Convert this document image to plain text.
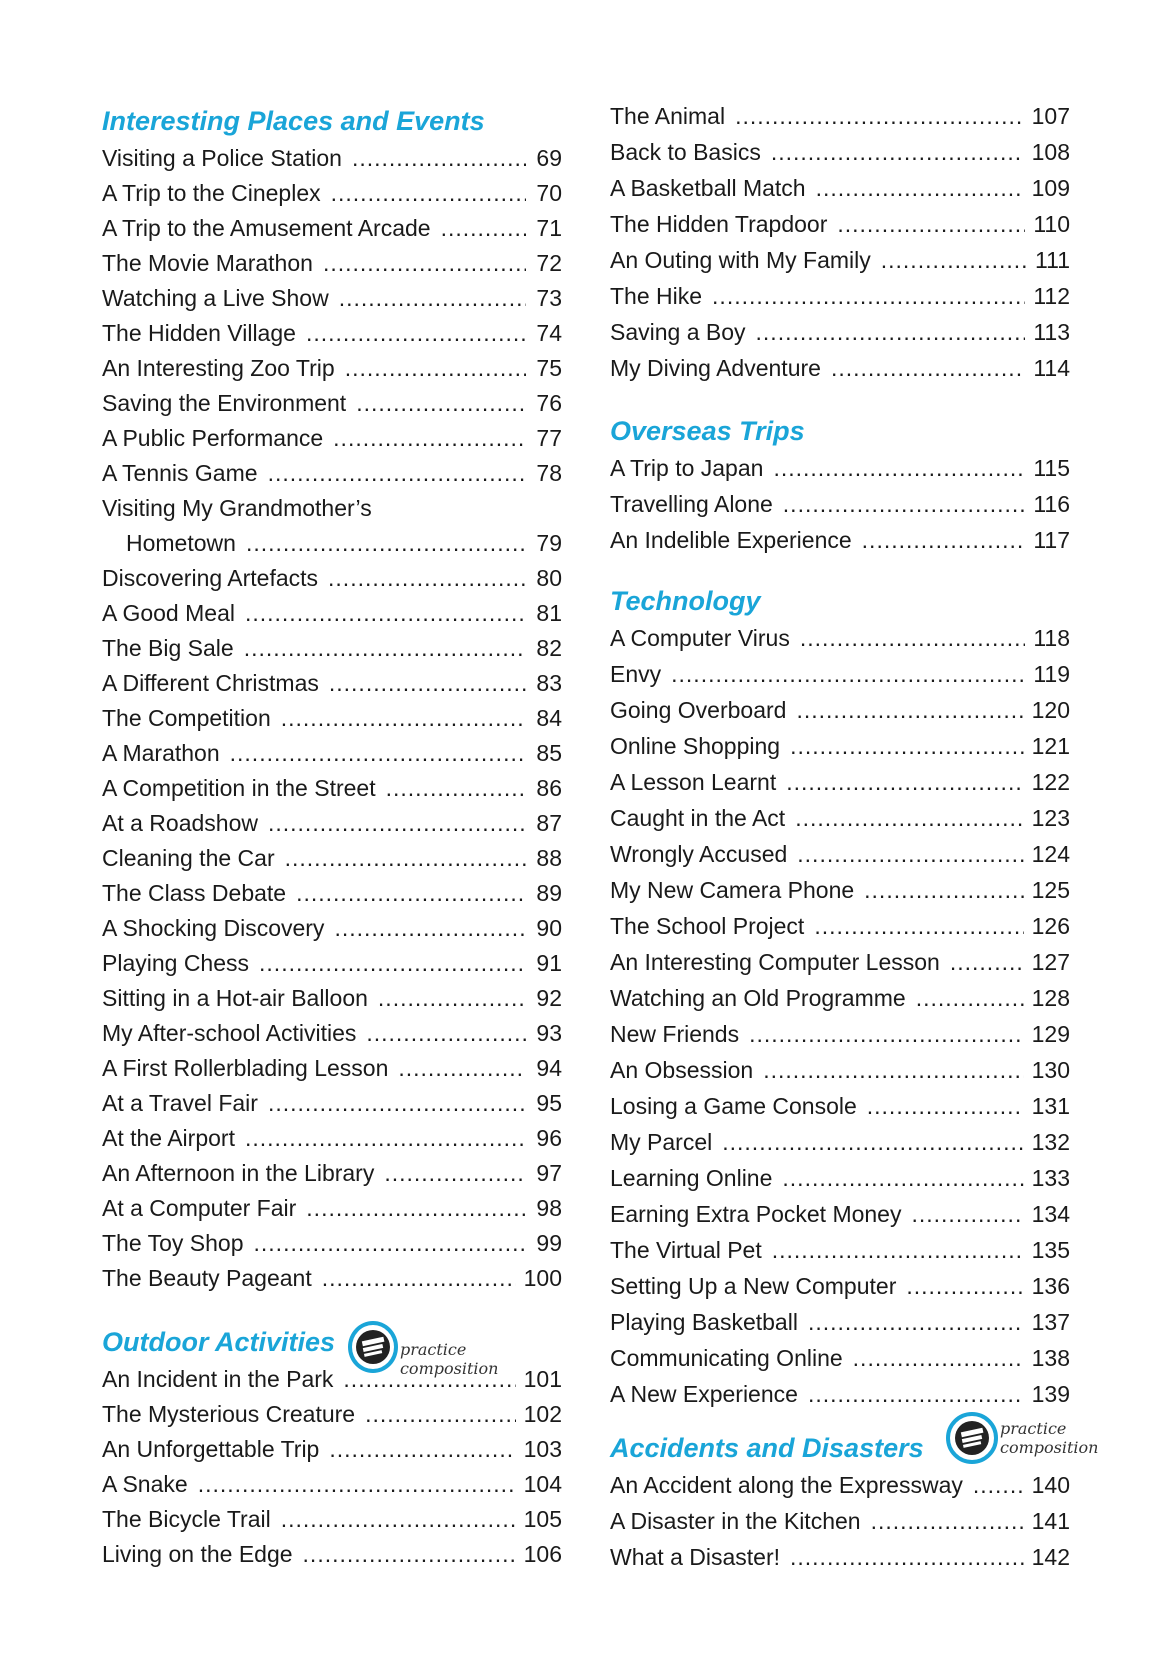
Interesting Places and Events
Visiting a Police Station .....	69
A Trip to the Cineplex .....	70
A Trip to the Amusement Arcade .....	71
The Movie Marathon .....	72
Watching a Live Show .....	73
The Hidden Village .....	74
An Interesting Zoo Trip .....	75
Saving the Environment .....	76
A Public Performance .....	77
A Tennis Game .....	78
Visiting My Grandmother’s
Hometown .....	79
Discovering Artefacts .....	80
A Good Meal .....	81
The Big Sale .....	82
A Different Christmas .....	83
The Competition .....	84
A Marathon .....	85
A Competition in the Street .....	86
At a Roadshow .....	87
Cleaning the Car .....	88
The Class Debate .....	89
A Shocking Discovery .....	90
Playing Chess .....	91
Sitting in a Hot-air Balloon .....	92
My After-school Activities .....	93
A First Rollerblading Lesson .....	94
At a Travel Fair .....	95
At the Airport .....	96
An Afternoon in the Library .....	97
At a Computer Fair .....	98
The Toy Shop .....	99
The Beauty Pageant .....	100
Outdoor Activities	practice composition
An Incident in the Park .....	101
The Mysterious Creature .....	102
An Unforgettable Trip .....	103
A Snake .....	104
The Bicycle Trail .....	105
Living on the Edge .....	106
The Animal .....	107
Back to Basics .....	108
A Basketball Match .....	109
The Hidden Trapdoor .....	110
An Outing with My Family .....	111
The Hike .....	112
Saving a Boy .....	113
My Diving Adventure .....	114
Overseas Trips
A Trip to Japan .....	115
Travelling Alone .....	116
An Indelible Experience .....	117
Technology
A Computer Virus .....	118
Envy .....	119
Going Overboard .....	120
Online Shopping .....	121
A Lesson Learnt .....	122
Caught in the Act .....	123
Wrongly Accused .....	124
My New Camera Phone .....	125
The School Project .....	126
An Interesting Computer Lesson .....	127
Watching an Old Programme .....	128
New Friends .....	129
An Obsession .....	130
Losing a Game Console .....	131
My Parcel .....	132
Learning Online .....	133
Earning Extra Pocket Money .....	134
The Virtual Pet .....	135
Setting Up a New Computer .....	136
Playing Basketball .....	137
Communicating Online .....	138
A New Experience .....	139
Accidents and Disasters
practice composition
An Accident along the Expressway .....	140
A Disaster in the Kitchen .....	141
What a Disaster! .....	142
